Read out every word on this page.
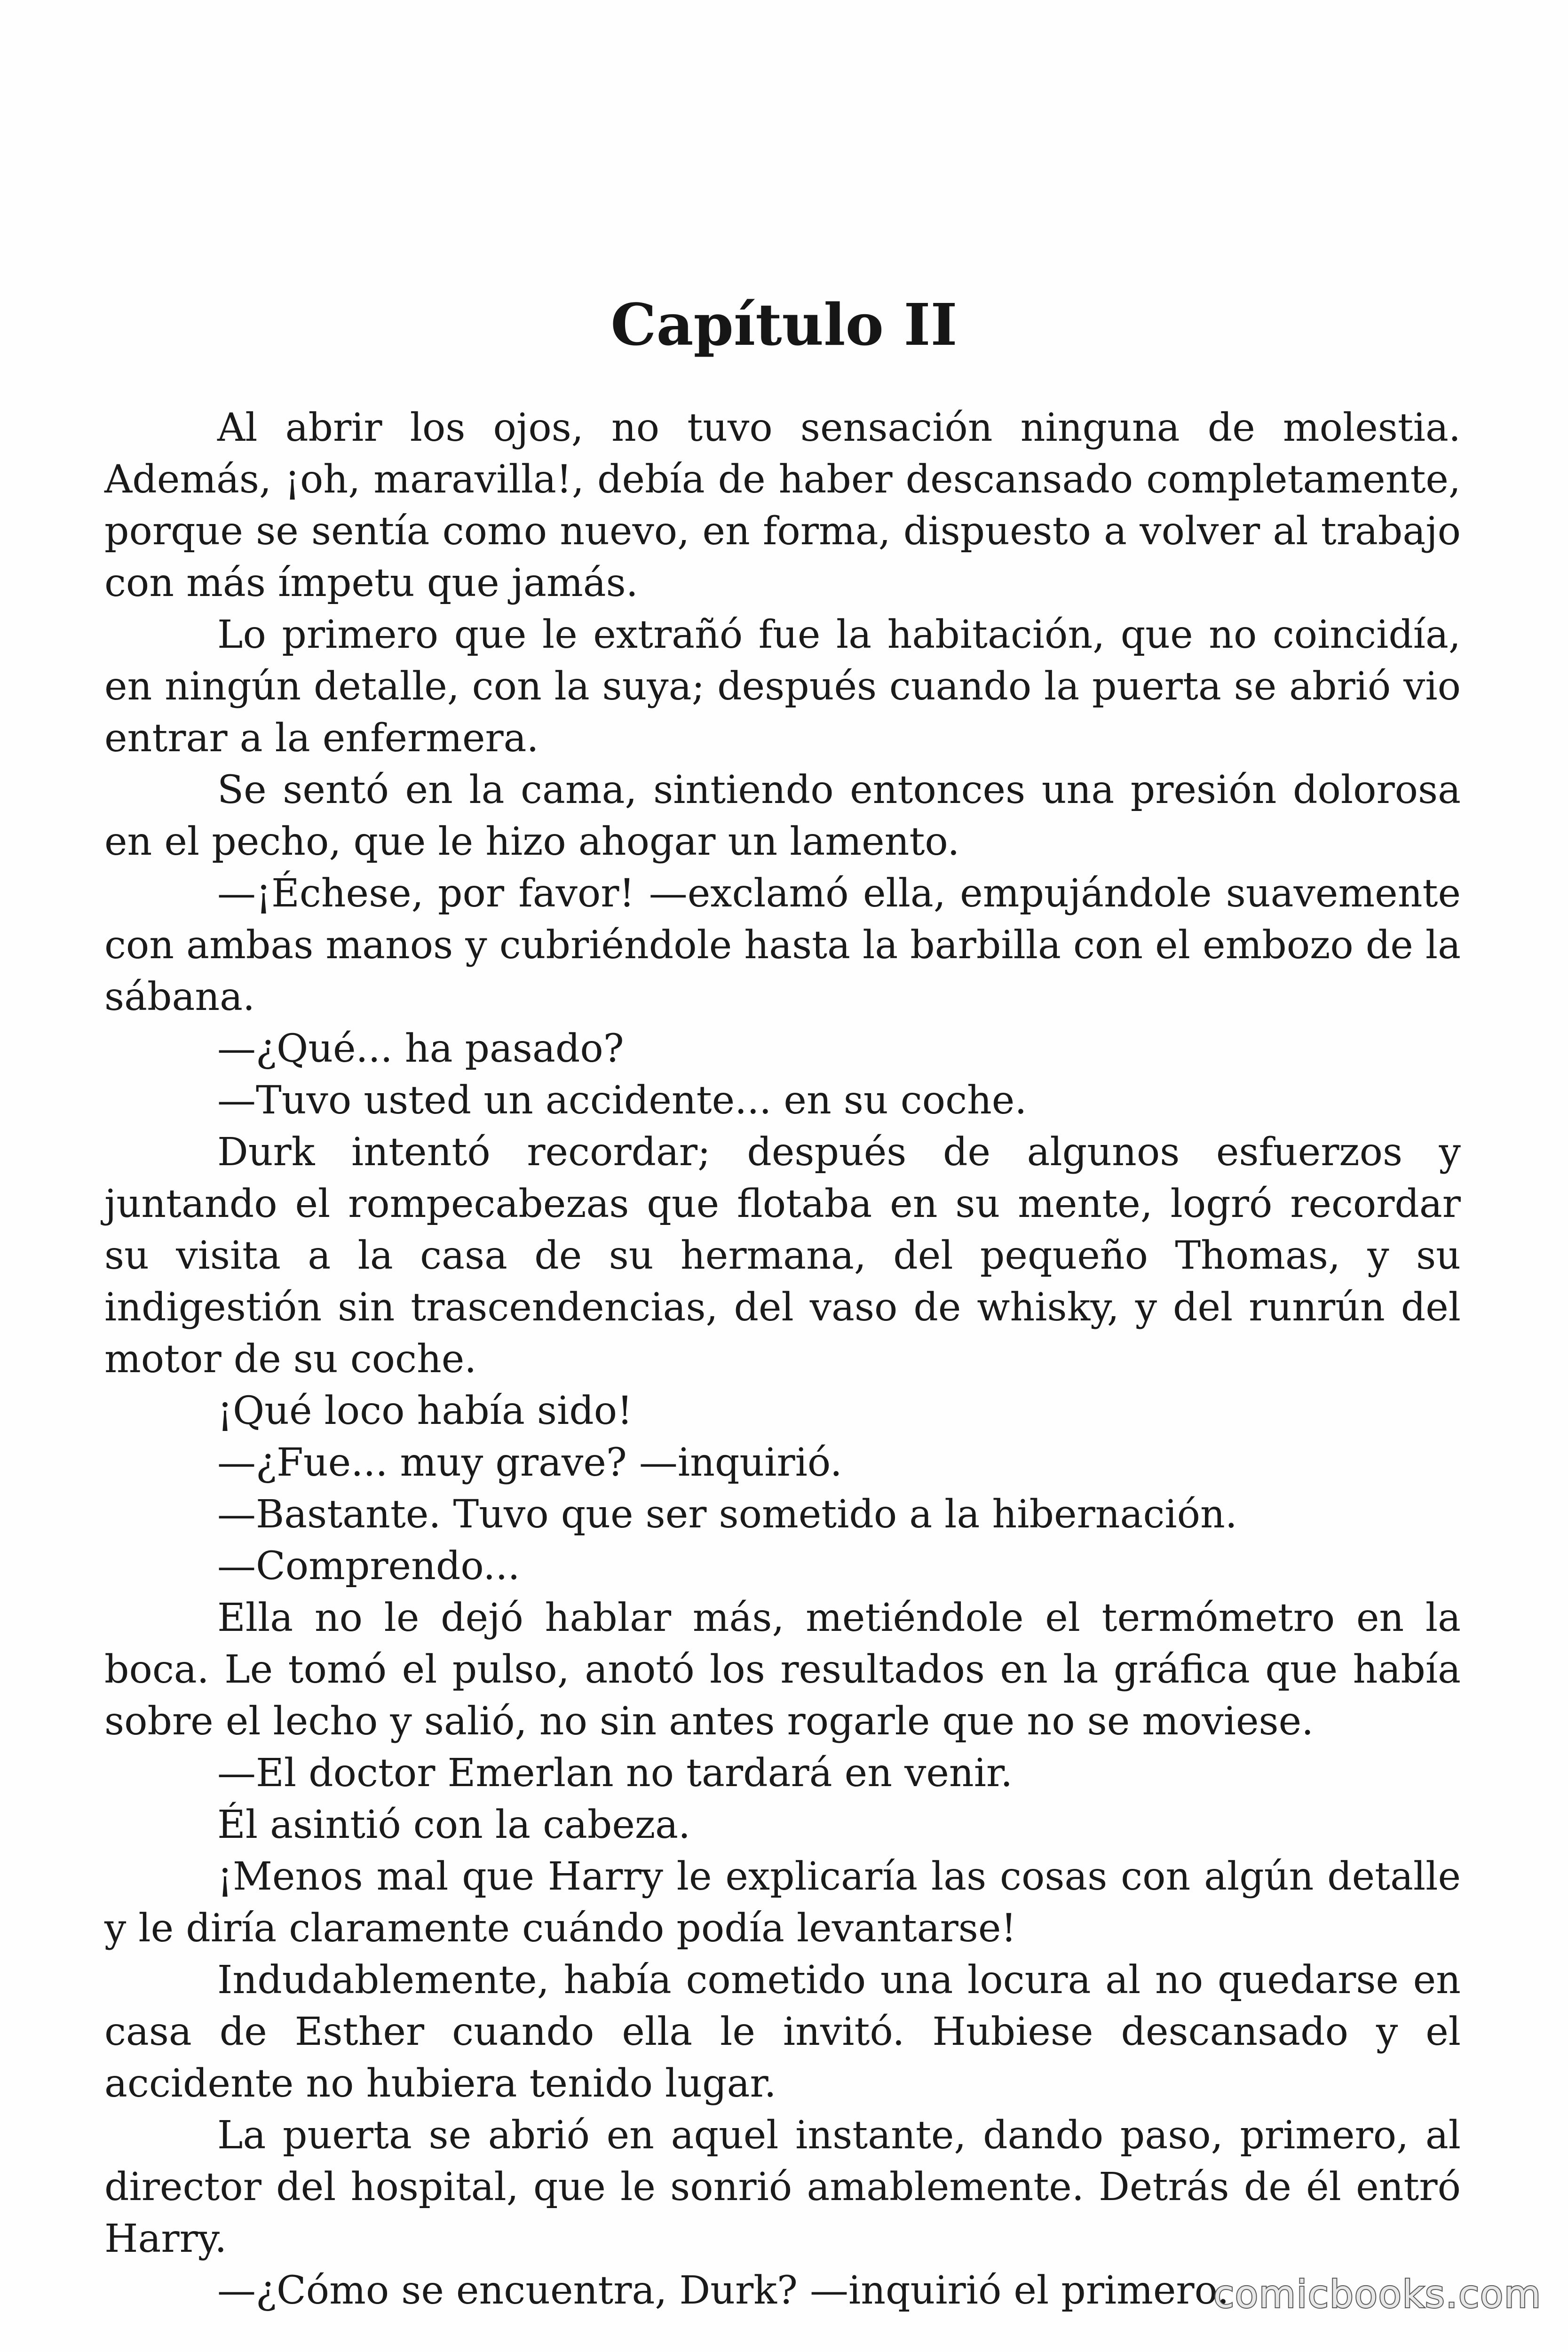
Capítulo II

Al abrir los ojos, no tuvo sensación ninguna de molestia. Además, ¡oh, maravilla!, debía de haber descansado completamente, porque se sentía como nuevo, en forma, dispuesto a volver al trabajo con más ímpetu que jamás.

Lo primero que le extrañó fue la habitación, que no coincidía, en ningún detalle, con la suya; después cuando la puerta se abrió vio entrar a la enfermera.

Se sentó en la cama, sintiendo entonces una presión dolorosa en el pecho, que le hizo ahogar un lamento.

—¡Échese, por favor! —exclamó ella, empujándole suavemente con ambas manos y cubriéndole hasta la barbilla con el embozo de la sábana.

—¿Qué... ha pasado?

—Tuvo usted un accidente... en su coche.

Durk intentó recordar; después de algunos esfuerzos y juntando el rompecabezas que flotaba en su mente, logró recordar su visita a la casa de su hermana, del pequeño Thomas, y su indigestión sin trascendencias, del vaso de whisky, y del runrún del motor de su coche.

¡Qué loco había sido!

—¿Fue... muy grave? —inquirió.

—Bastante. Tuvo que ser sometido a la hibernación.

—Comprendo...

Ella no le dejó hablar más, metiéndole el termómetro en la boca. Le tomó el pulso, anotó los resultados en la gráfica que había sobre el lecho y salió, no sin antes rogarle que no se moviese.

—El doctor Emerlan no tardará en venir.

Él asintió con la cabeza.

¡Menos mal que Harry le explicaría las cosas con algún detalle y le diría claramente cuándo podía levantarse!

Indudablemente, había cometido una locura al no quedarse en casa de Esther cuando ella le invitó. Hubiese descansado y el accidente no hubiera tenido lugar.

La puerta se abrió en aquel instante, dando paso, primero, al director del hospital, que le sonrió amablemente. Detrás de él entró Harry.

—¿Cómo se encuentra, Durk? —inquirió el primero.

comicbooks.com
